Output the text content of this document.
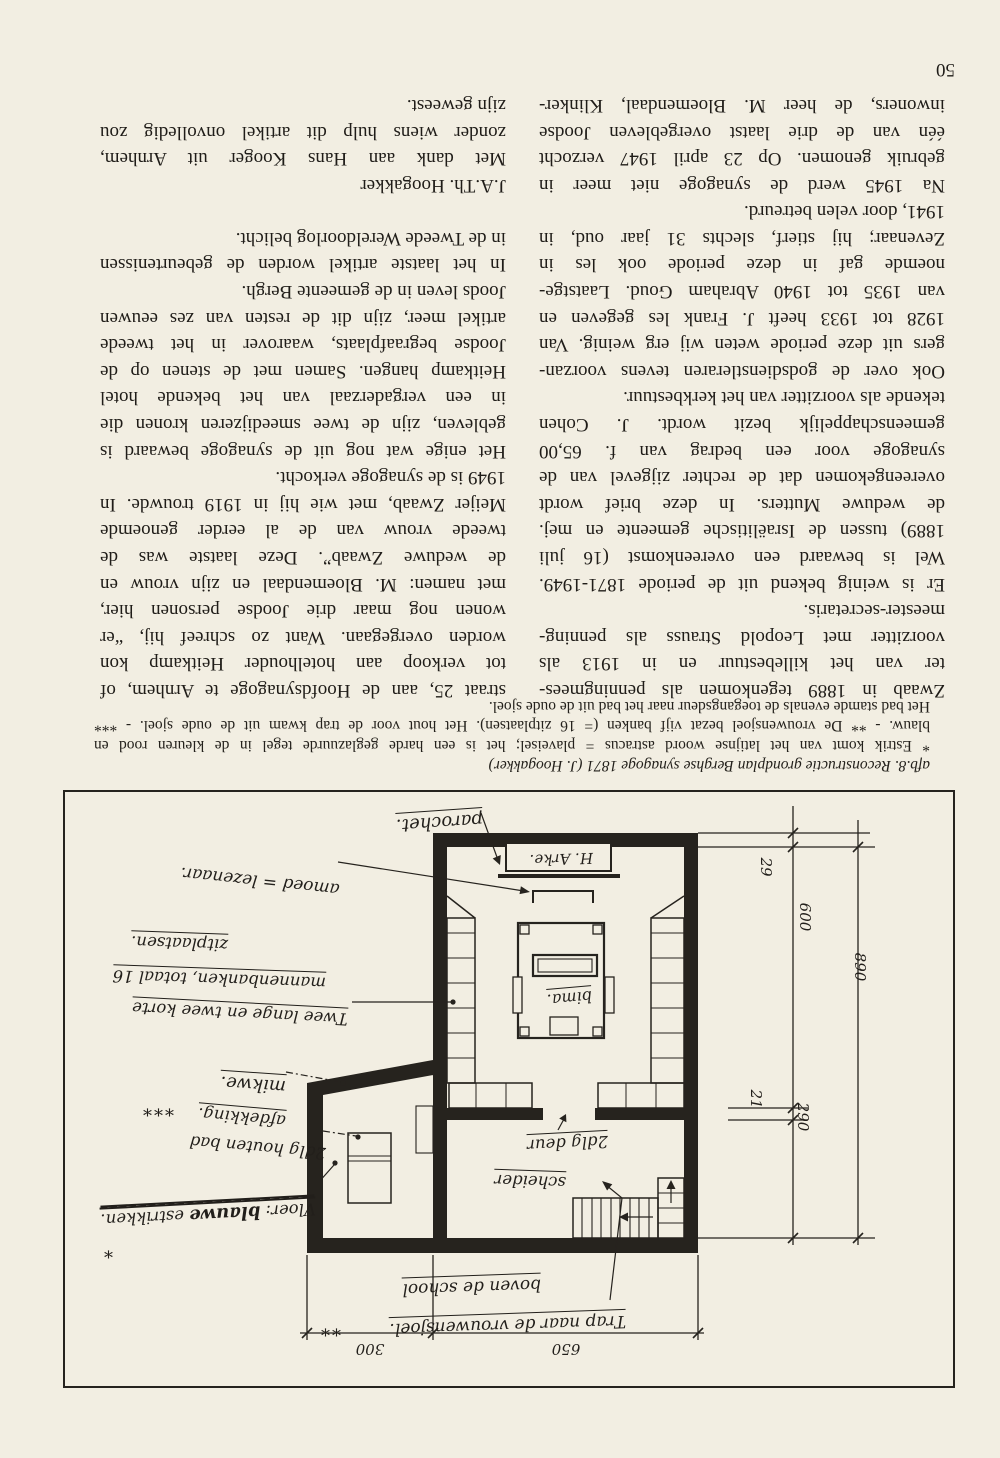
parochet.
H. Arke.
amoed = lezenaar.
bima.
Twee lange en twee korte
mannenbanken, totaal 16
zitplaatsen.
2dlg deur
scheider
Trap naar de vrouwensjoel.
boven de school
**
mikwe.
***
2dlg houten bad
afdekking.
Vloer: blauwe estrikken.
*
29
600
890
21
290
650
300
afb.8. Reconstructie grondplan Berghse synagoge 1871 (J. Hoogakker)
* Estrik komt van het latijnse woord astracus = plaveisel; het is een harde geglazuurde tegel in de kleuren rood en
blauw. - ** De vrouwensjoel bezat vijf banken (= 16 zitplaatsen). Het hout voor de trap kwam uit de oude sjoel. - ***
Het bad stamde evenals de toegangsdeur naar het bad uit de oude sjoel.
Zwaab in 1889 tegenkomen als penningmees-
ter van het killebestuur en in 1913 als
voorzitter met Leopold Strauss als penning-
meester-secretaris.
Er is weinig bekend uit de periode 1871-1949.
Wel is bewaard een overeenkomst (16 juli
1889) tussen de Israëlitische gemeente en mej.
de weduwe Mutters. In deze brief wordt
overeengekomen dat de rechter zijgevel van de
synagoge voor een bedrag van f. 65,00
gemeenschappelijk bezit wordt. J. Cohen
tekende als voorzitter van het kerkbestuur.
Ook over de godsdienstleraren tevens voorzan-
gers uit deze periode weten wij erg weinig. Van
1928 tot 1933 heeft J. Frank les gegeven en
van 1935 tot 1940 Abraham Goud. Laatstge-
noemde gaf in deze periode ook les in
Zevenaar; hij stierf, slechts 31 jaar oud, in
1941, door velen betreurd.
Na 1945 werd de synagoge niet meer in
gebruik genomen. Op 23 april 1947 verzocht
één van de drie laatst overgebleven Joodse
inwoners, de heer M. Bloemendaal, Klinker-
straat 25, aan de Hoofdsynagoge te Arnhem, of
tot verkoop aan hotelhouder Heitkamp kon
worden overgegaan. Want zo schreef hij, “er
wonen nog maar drie Joodse personen hier,
met namen: M. Bloemendaal en zijn vrouw en
de weduwe Zwaab”. Deze laatste was de
tweede vrouw van de al eerder genoemde
Meijer Zwaab, met wie hij in 1919 trouwde. In
1949 is de synagoge verkocht.
Het enige wat nog uit de synagoge bewaard is
gebleven, zijn de twee smeedijzeren kronen die
in een vergaderzaal van het bekende hotel
Heitkamp hangen. Samen met de stenen op de
Joodse begraafplaats, waarover in het tweede
artikel meer, zijn dit de resten van zes eeuwen
Joods leven in de gemeente Bergh.
In het laatste artikel worden de gebeurtenissen
in de Tweede Wereldoorlog belicht.
J.A.Th. Hoogakker
Met dank aan Hans Kooger uit Arnhem,
zonder wiens hulp dit artikel onvolledig zou
zijn geweest.
50
